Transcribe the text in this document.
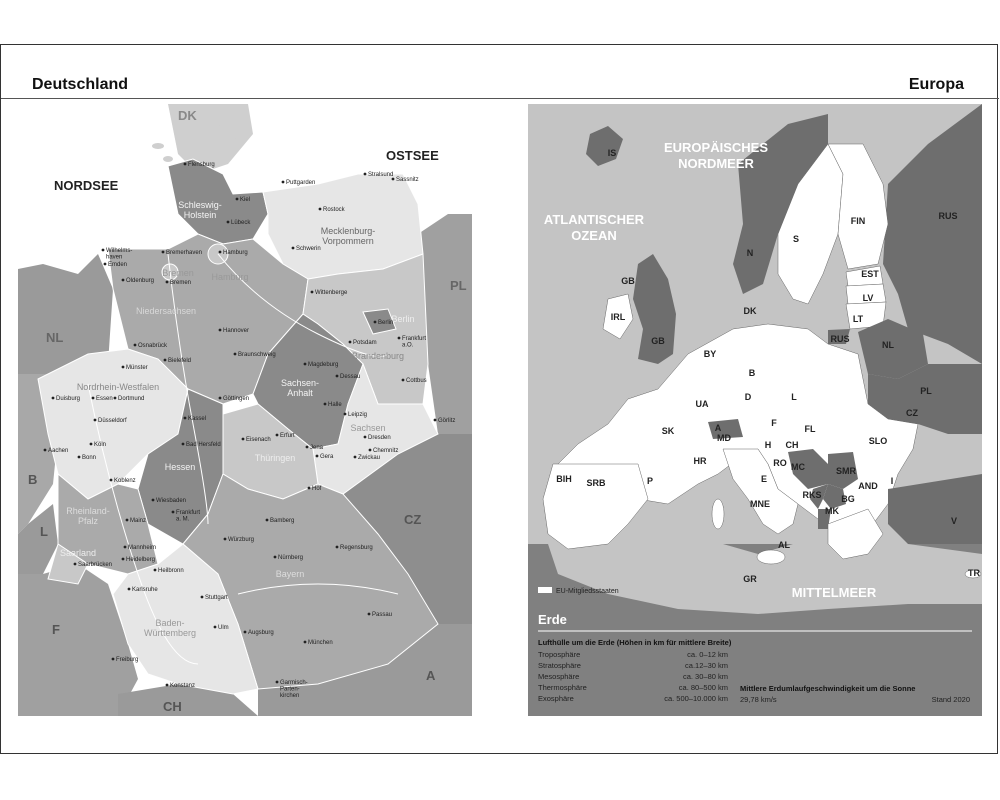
Deutschland	Europa
NORDSEE
OSTSEE
DK
NL
B
L
F
CH
A
CZ
PL
Schleswig-Holstein
Mecklenburg-Vorpommern
Bremen Hamburg
Niedersachsen
Berlin
Brandenburg
Sachsen-Anhalt
Nordrhein-Westfalen
Sachsen
Thüringen
Hessen
Rheinland-Pfalz
Saarland
Bayern
Baden-Württemberg
Flensburg
Kiel
Puttgarden
Stralsund
Sassnitz
Rostock
Lübeck
Wilhelms-haven
Emden
Bremerhaven
Schwerin
Oldenburg	Bremen
Hamburg
Wittenberge
Hannover
Braunschweig
Magdeburg
Berlin
Potsdam
Frankfurt a.O.
Cottbus
Osnabrück
Münster
Bielefeld
Dessau
Halle
Leipzig
Dresden
Görlitz
Duisburg	Essen Dortmund	Göttingen
Düsseldorf	Kassel
Köln
Aachen
Bonn
Bad Hersfeld
Eisenach
Erfurt
Jena
Gera
Chemnitz
Zwickau
Hof
Koblenz
Wiesbaden
Frankfurt a. M.
Mainz	Bamberg
Würzburg
Mannheim
Heidelberg
Heilbronn
Saarbrücken
Nürnberg
Regensburg
Karlsruhe
Stuttgart
Passau
Ulm
Augsburg
München
Freiburg
Konstanz	Garmisch-Parten-kirchen
EUROPÄISCHES
NORDMEER
ATLANTISCHER
OZEAN
MITTELMEER
IS
FIN	RUS
N
S
EST
GB
LV
IRL
DK
LT
RUS
GB	NL
BY
B
D
PL
UA
L
CZ
SK
MD
F
FL
A
H CH	SLO
HR	RO MC	SMR
BIH SRB	P	E
AND I
RKS BG
MNE
MK
V
AL
GR
TR
EU-Mitgliedsstaaten
Erde
Lufthülle um die Erde (Höhen in km für mittlere Breite)
Troposphäre	ca. 0–12 km
Stratosphäre	ca.12–30 km
Mesosphäre	ca. 30–80 km
Thermosphäre	ca. 80–500 km
Exosphäre	ca. 500–10.000 km
Mittlere Erdumlaufgeschwindigkeit um die Sonne
29,78 km/s	Stand 2020
